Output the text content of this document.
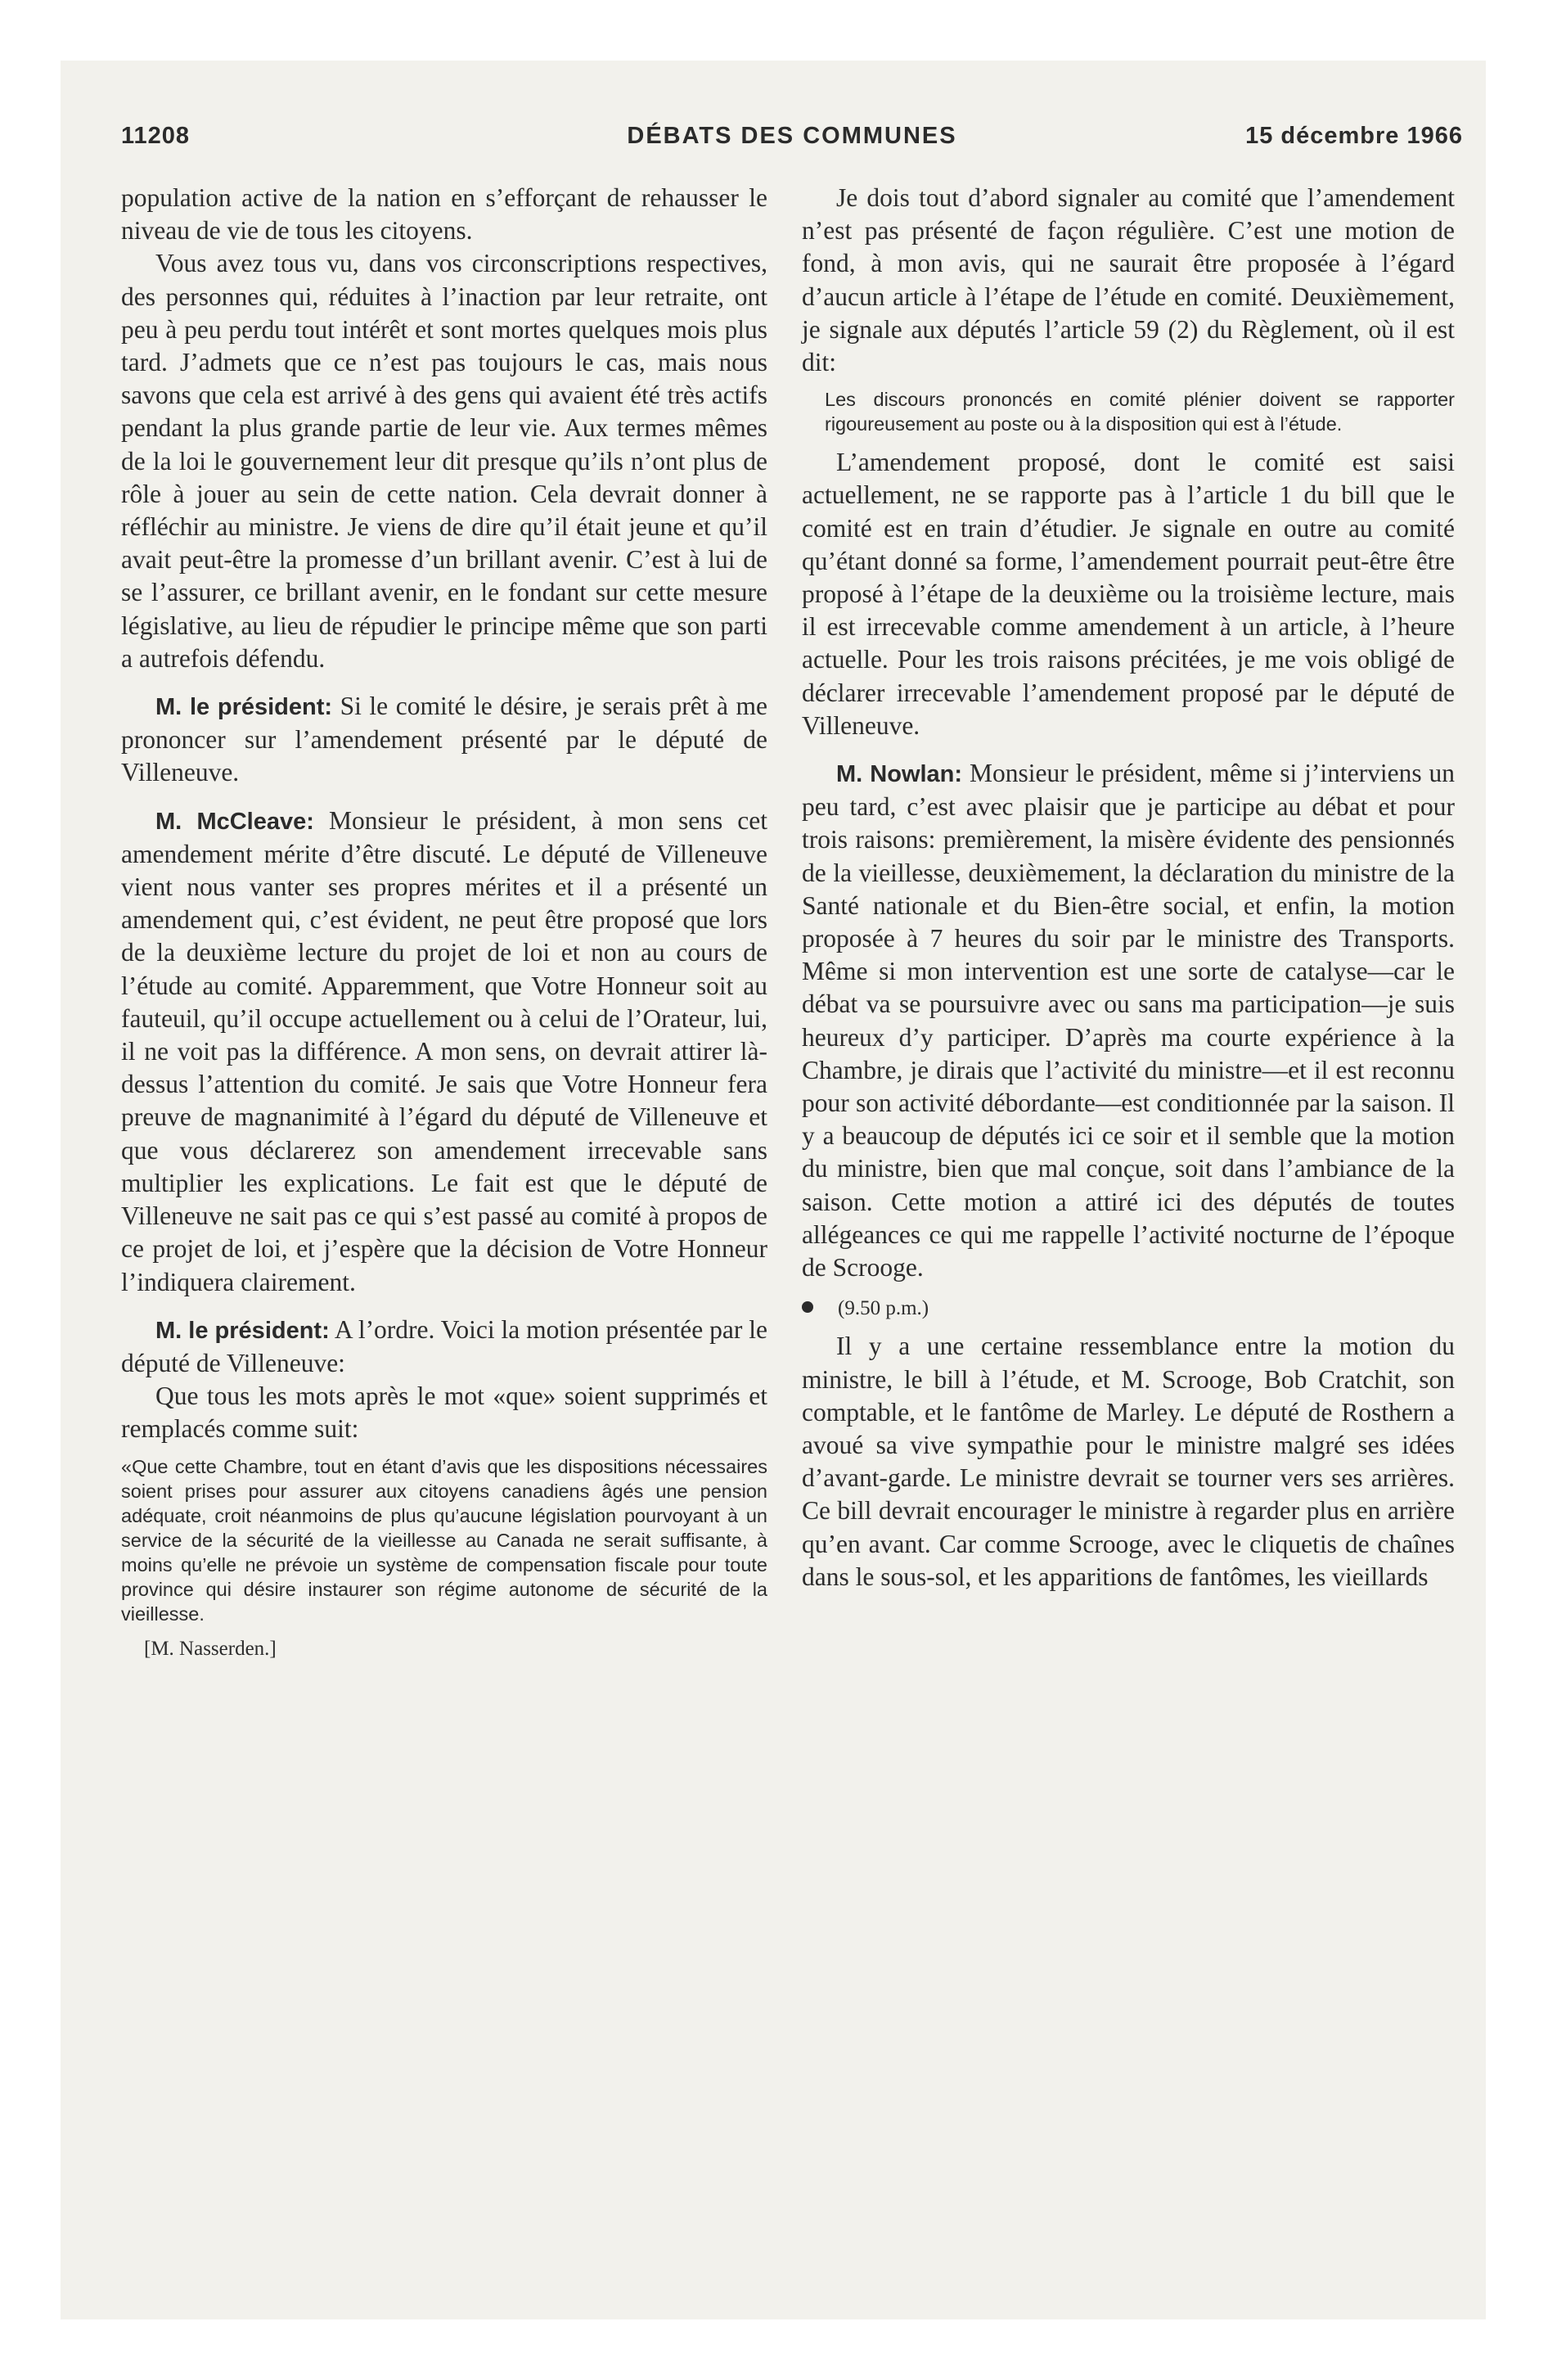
11208	DÉBATS DES COMMUNES	15 décembre 1966

population active de la nation en s’efforçant de rehausser le niveau de vie de tous les citoyens.

Vous avez tous vu, dans vos circonscriptions respectives, des personnes qui, réduites à l’inaction par leur retraite, ont peu à peu perdu tout intérêt et sont mortes quelques mois plus tard. J’admets que ce n’est pas toujours le cas, mais nous savons que cela est arrivé à des gens qui avaient été très actifs pendant la plus grande partie de leur vie. Aux termes mêmes de la loi le gouvernement leur dit presque qu’ils n’ont plus de rôle à jouer au sein de cette nation. Cela devrait donner à réfléchir au ministre. Je viens de dire qu’il était jeune et qu’il avait peut-être la promesse d’un brillant avenir. C’est à lui de se l’assurer, ce brillant avenir, en le fondant sur cette mesure législative, au lieu de répudier le principe même que son parti a autrefois défendu.

M. le président: Si le comité le désire, je serais prêt à me prononcer sur l’amendement présenté par le député de Villeneuve.

M. McCleave: Monsieur le président, à mon sens cet amendement mérite d’être discuté. Le député de Villeneuve vient nous vanter ses propres mérites et il a présenté un amendement qui, c’est évident, ne peut être proposé que lors de la deuxième lecture du projet de loi et non au cours de l’étude au comité. Apparemment, que Votre Honneur soit au fauteuil, qu’il occupe actuellement ou à celui de l’Orateur, lui, il ne voit pas la différence. A mon sens, on devrait attirer là-dessus l’attention du comité. Je sais que Votre Honneur fera preuve de magnanimité à l’égard du député de Villeneuve et que vous déclarerez son amendement irrecevable sans multiplier les explications. Le fait est que le député de Villeneuve ne sait pas ce qui s’est passé au comité à propos de ce projet de loi, et j’espère que la décision de Votre Honneur l’indiquera clairement.

M. le président: A l’ordre. Voici la motion présentée par le député de Villeneuve:

Que tous les mots après le mot «que» soient supprimés et remplacés comme suit:

«Que cette Chambre, tout en étant d’avis que les dispositions nécessaires soient prises pour assurer aux citoyens canadiens âgés une pension adéquate, croit néanmoins de plus qu’aucune législation pourvoyant à un service de la sécurité de la vieillesse au Canada ne serait suffisante, à moins qu’elle ne prévoie un système de compensation fiscale pour toute province qui désire instaurer son régime autonome de sécurité de la vieillesse.

[M. Nasserden.]

Je dois tout d’abord signaler au comité que l’amendement n’est pas présenté de façon régulière. C’est une motion de fond, à mon avis, qui ne saurait être proposée à l’égard d’aucun article à l’étape de l’étude en comité. Deuxièmement, je signale aux députés l’article 59 (2) du Règlement, où il est dit:

Les discours prononcés en comité plénier doivent se rapporter rigoureusement au poste ou à la disposition qui est à l’étude.

L’amendement proposé, dont le comité est saisi actuellement, ne se rapporte pas à l’article 1 du bill que le comité est en train d’étudier. Je signale en outre au comité qu’étant donné sa forme, l’amendement pourrait peut-être être proposé à l’étape de la deuxième ou la troisième lecture, mais il est irrecevable comme amendement à un article, à l’heure actuelle. Pour les trois raisons précitées, je me vois obligé de déclarer irrecevable l’amendement proposé par le député de Villeneuve.

M. Nowlan: Monsieur le président, même si j’interviens un peu tard, c’est avec plaisir que je participe au débat et pour trois raisons: premièrement, la misère évidente des pensionnés de la vieillesse, deuxièmement, la déclaration du ministre de la Santé nationale et du Bien-être social, et enfin, la motion proposée à 7 heures du soir par le ministre des Transports. Même si mon intervention est une sorte de catalyse—car le débat va se poursuivre avec ou sans ma participation—je suis heureux d’y participer. D’après ma courte expérience à la Chambre, je dirais que l’activité du ministre—et il est reconnu pour son activité débordante—est conditionnée par la saison. Il y a beaucoup de députés ici ce soir et il semble que la motion du ministre, bien que mal conçue, soit dans l’ambiance de la saison. Cette motion a attiré ici des députés de toutes allégeances ce qui me rappelle l’activité nocturne de l’époque de Scrooge.

(9.50 p.m.)

Il y a une certaine ressemblance entre la motion du ministre, le bill à l’étude, et M. Scrooge, Bob Cratchit, son comptable, et le fantôme de Marley. Le député de Rosthern a avoué sa vive sympathie pour le ministre malgré ses idées d’avant-garde. Le ministre devrait se tourner vers ses arrières. Ce bill devrait encourager le ministre à regarder plus en arrière qu’en avant. Car comme Scrooge, avec le cliquetis de chaînes dans le sous-sol, et les apparitions de fantômes, les vieillards
